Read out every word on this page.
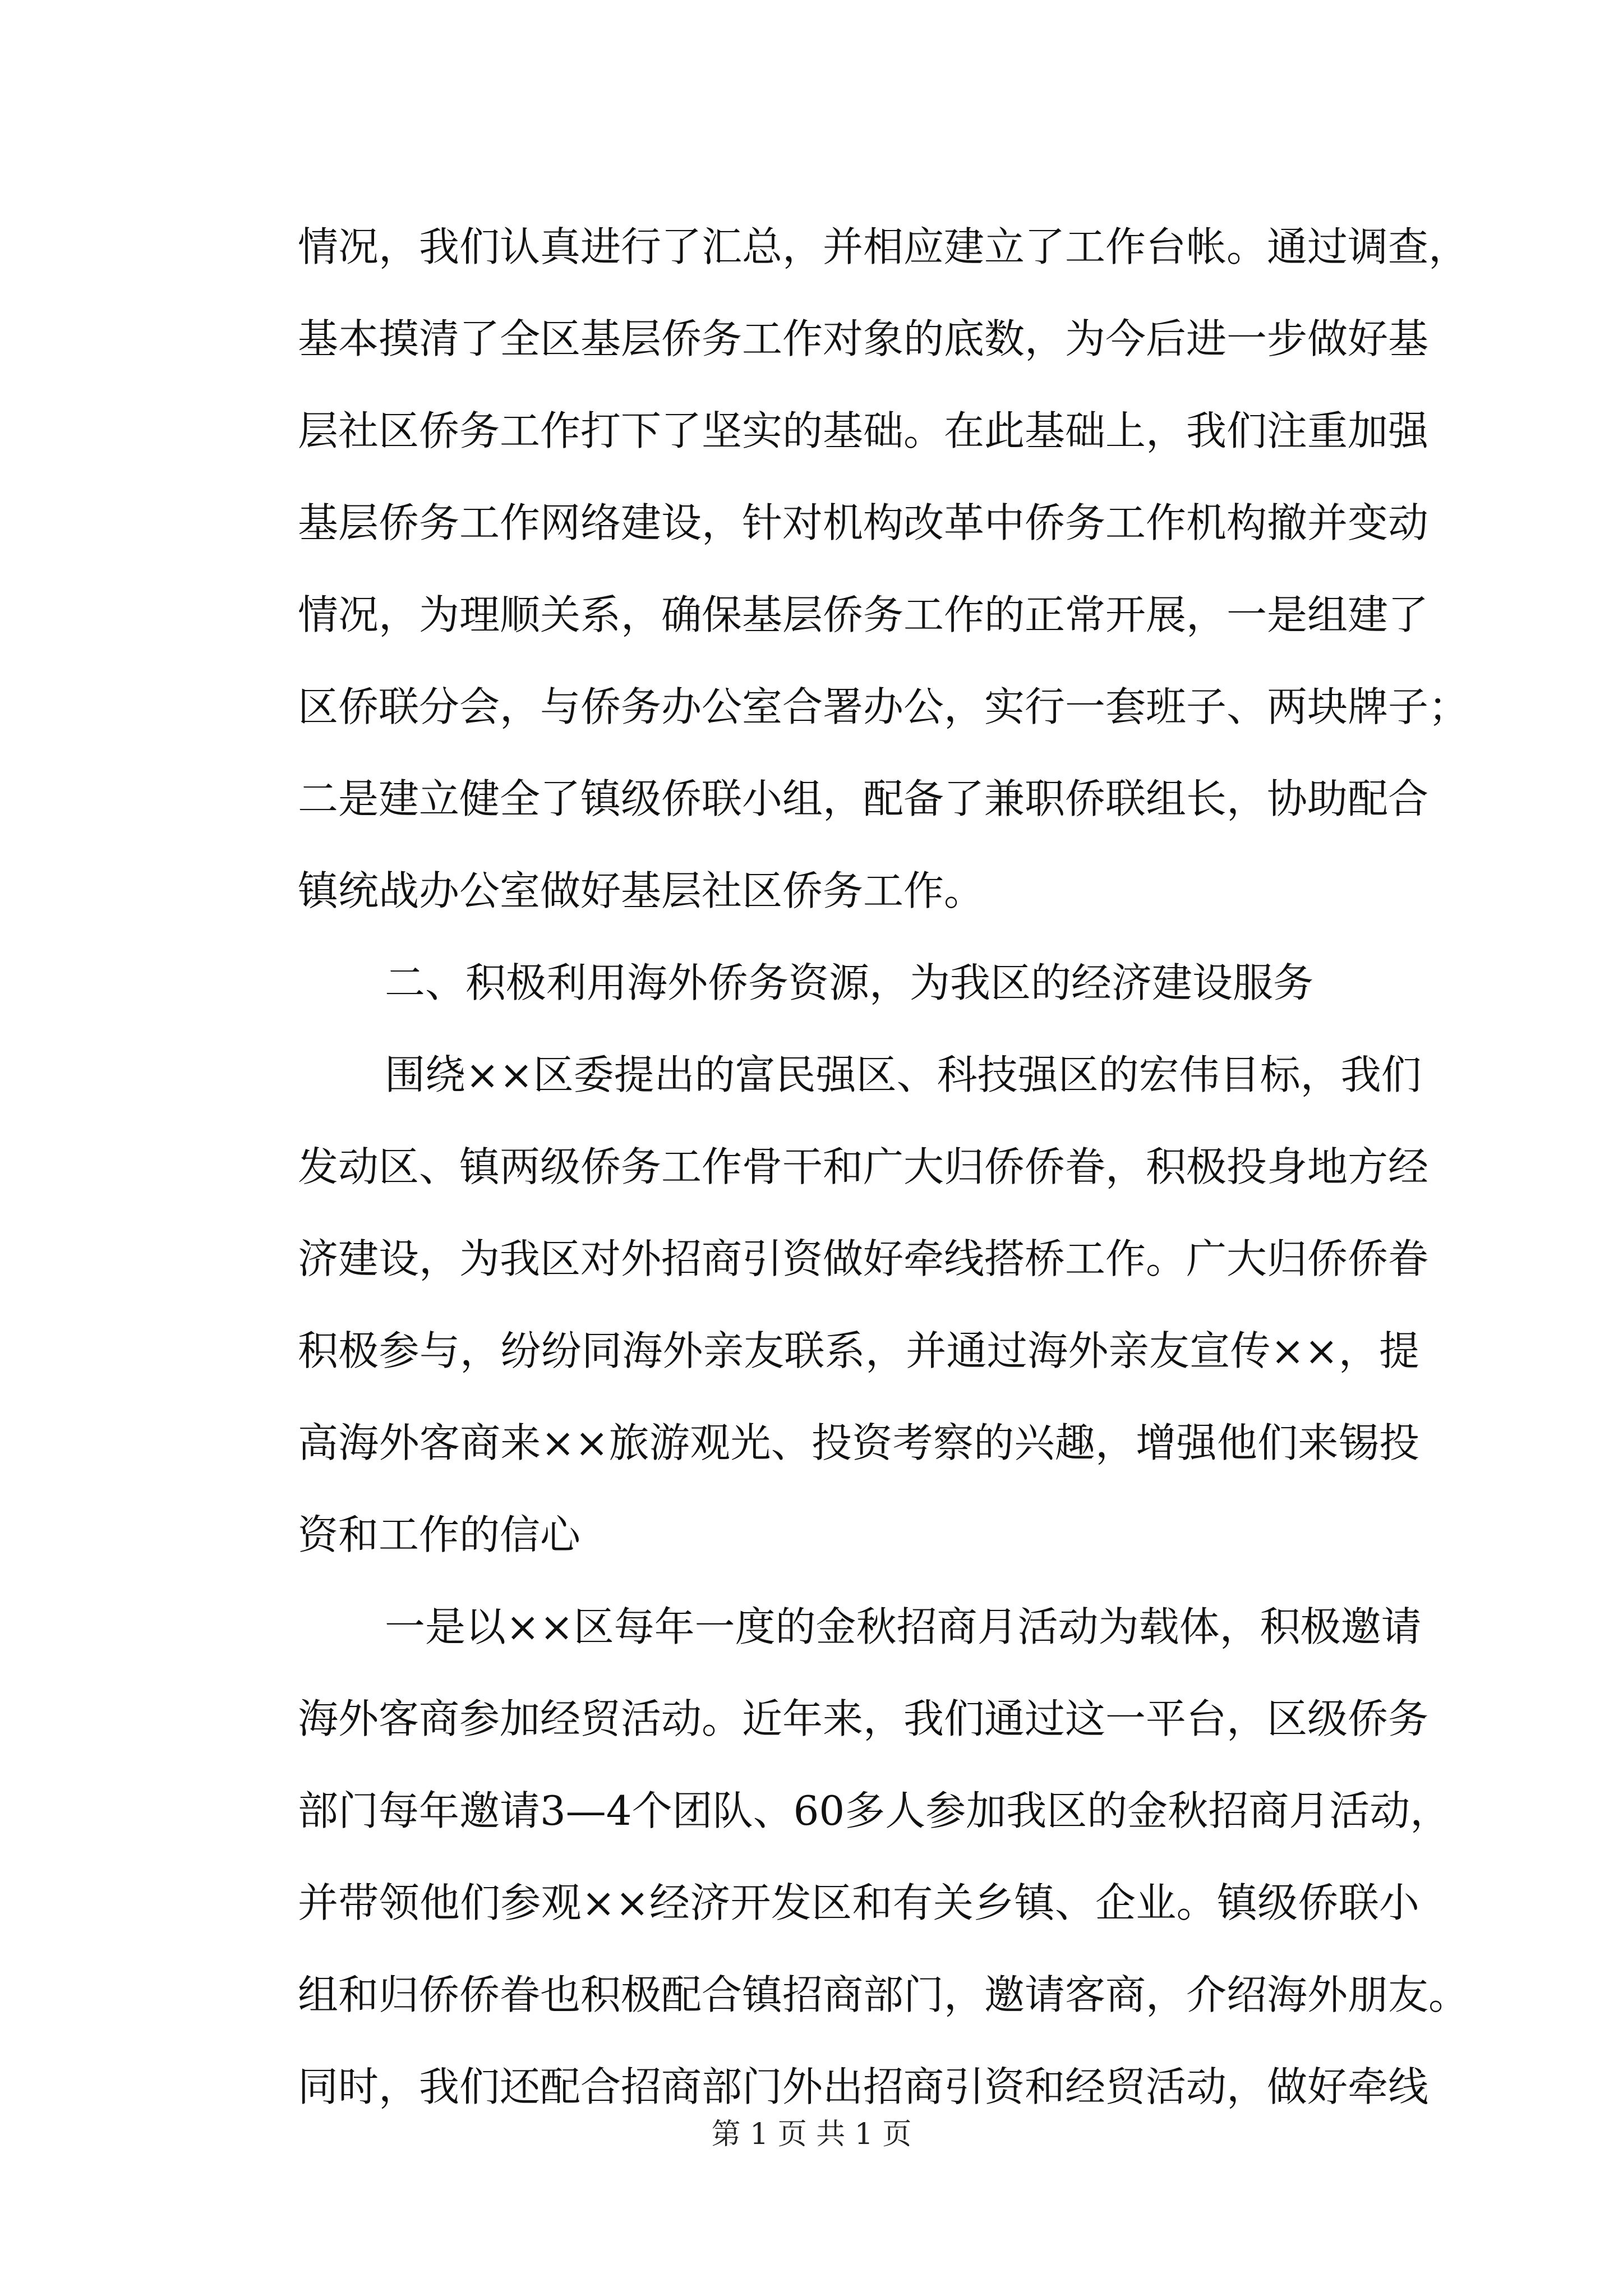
情况，我们认真进行了汇总，并相应建立了工作台帐。通过调查，
基本摸清了全区基层侨务工作对象的底数，为今后进一步做好基
层社区侨务工作打下了坚实的基础。在此基础上，我们注重加强
基层侨务工作网络建设，针对机构改革中侨务工作机构撤并变动
情况，为理顺关系，确保基层侨务工作的正常开展，一是组建了
区侨联分会，与侨务办公室合署办公，实行一套班子、两块牌子；
二是建立健全了镇级侨联小组，配备了兼职侨联组长，协助配合
镇统战办公室做好基层社区侨务工作。
二、积极利用海外侨务资源，为我区的经济建设服务
围绕××区委提出的富民强区、科技强区的宏伟目标，我们
发动区、镇两级侨务工作骨干和广大归侨侨眷，积极投身地方经
济建设，为我区对外招商引资做好牵线搭桥工作。广大归侨侨眷
积极参与，纷纷同海外亲友联系，并通过海外亲友宣传××，提
高海外客商来××旅游观光、投资考察的兴趣，增强他们来锡投
资和工作的信心
一是以××区每年一度的金秋招商月活动为载体，积极邀请
海外客商参加经贸活动。近年来，我们通过这一平台，区级侨务
部门每年邀请3—4个团队、60多人参加我区的金秋招商月活动，
并带领他们参观××经济开发区和有关乡镇、企业。镇级侨联小
组和归侨侨眷也积极配合镇招商部门，邀请客商，介绍海外朋友。
同时，我们还配合招商部门外出招商引资和经贸活动，做好牵线
第 1 页 共 1 页
